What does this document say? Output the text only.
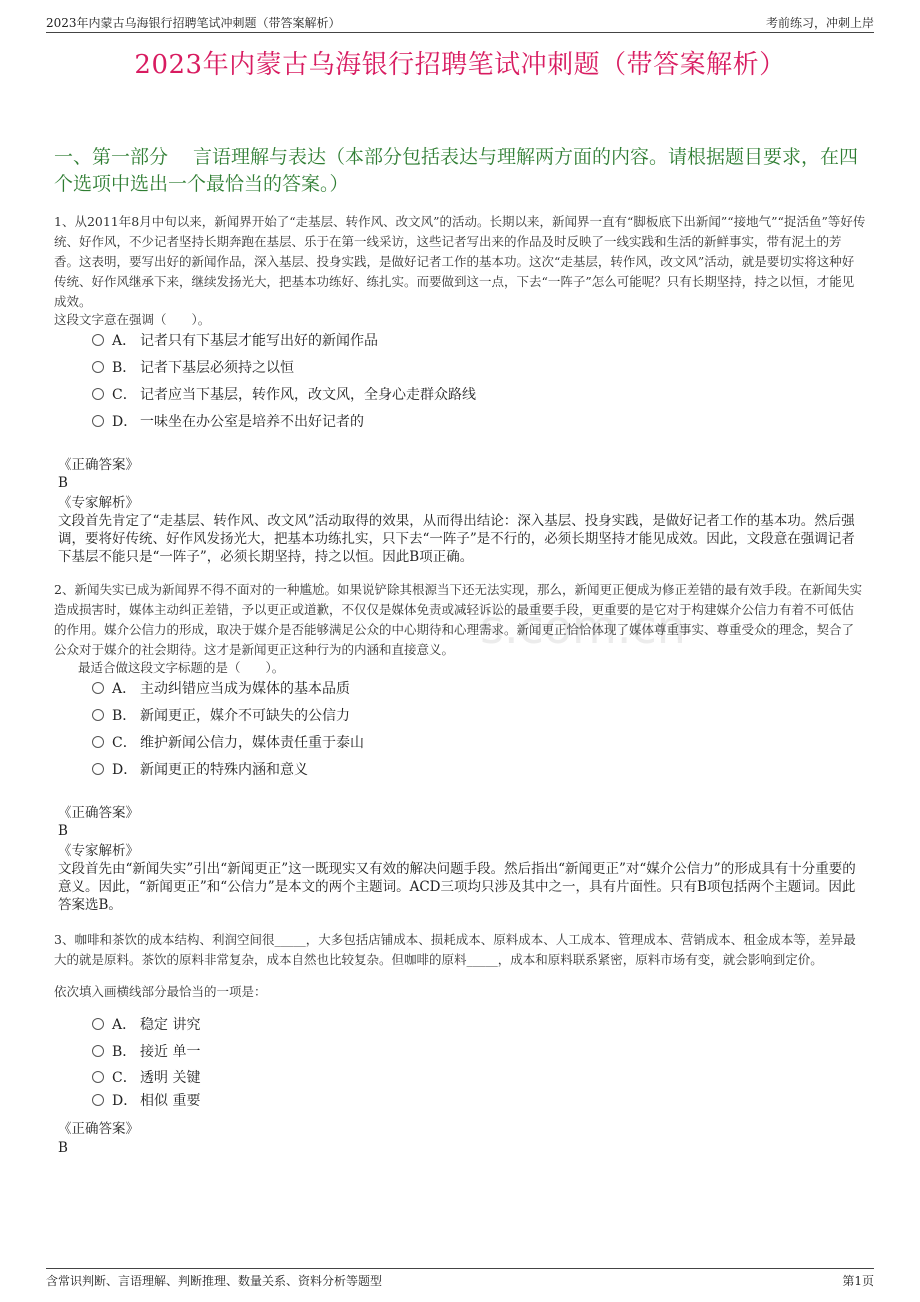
2023年内蒙古乌海银行招聘笔试冲刺题（带答案解析）	考前练习，冲刺上岸
2023年内蒙古乌海银行招聘笔试冲刺题（带答案解析）
一、第一部分　 言语理解与表达（本部分包括表达与理解两方面的内容。请根据题目要求，在四个选项中选出一个最恰当的答案。）
s.com.cn
1、从2011年8月中旬以来，新闻界开始了“走基层、转作风、改文风”的活动。长期以来，新闻界一直有“脚板底下出新闻”“接地气”“捉活鱼”等好传统、好作风，不少记者坚持长期奔跑在基层、乐于在第一线采访，这些记者写出来的作品及时反映了一线实践和生活的新鲜事实，带有泥土的芳香。这表明，要写出好的新闻作品，深入基层、投身实践，是做好记者工作的基本功。这次“走基层，转作风，改文风”活动，就是要切实将这种好传统、好作风继承下来，继续发扬光大，把基本功练好、练扎实。而要做到这一点，下去“一阵子”怎么可能呢？只有长期坚持，持之以恒，才能见成效。
这段文字意在强调（　　）。
A． 记者只有下基层才能写出好的新闻作品
B． 记者下基层必须持之以恒
C． 记者应当下基层，转作风，改文风，全身心走群众路线
D． 一味坐在办公室是培养不出好记者的
《正确答案》
B
《专家解析》
文段首先肯定了“走基层、转作风、改文风”活动取得的效果，从而得出结论：深入基层、投身实践，是做好记者工作的基本功。然后强调，要将好传统、好作风发扬光大，把基本功练扎实，只下去“一阵子”是不行的，必须长期坚持才能见成效。因此，文段意在强调记者下基层不能只是“一阵子”，必须长期坚持，持之以恒。因此B项正确。
2、新闻失实已成为新闻界不得不面对的一种尴尬。如果说铲除其根源当下还无法实现，那么，新闻更正便成为修正差错的最有效手段。在新闻失实造成损害时，媒体主动纠正差错，予以更正或道歉，不仅仅是媒体免责或减轻诉讼的最重要手段，更重要的是它对于构建媒介公信力有着不可低估的作用。媒介公信力的形成，取决于媒介是否能够满足公众的中心期待和心理需求。新闻更正恰恰体现了媒体尊重事实、尊重受众的理念，契合了公众对于媒介的社会期待。这才是新闻更正这种行为的内涵和直接意义。
最适合做这段文字标题的是（　　）。
A． 主动纠错应当成为媒体的基本品质
B． 新闻更正，媒介不可缺失的公信力
C． 维护新闻公信力，媒体责任重于泰山
D． 新闻更正的特殊内涵和意义
《正确答案》
B
《专家解析》
文段首先由“新闻失实”引出“新闻更正”这一既现实又有效的解决问题手段。然后指出“新闻更正”对“媒介公信力”的形成具有十分重要的意义。因此，“新闻更正”和“公信力”是本文的两个主题词。ACD三项均只涉及其中之一，具有片面性。只有B项包括两个主题词。因此答案选B。
3、咖啡和茶饮的成本结构、利润空间很_____，大多包括店铺成本、损耗成本、原料成本、人工成本、管理成本、营销成本、租金成本等，差异最大的就是原料。茶饮的原料非常复杂，成本自然也比较复杂。但咖啡的原料_____，成本和原料联系紧密，原料市场有变，就会影响到定价。
依次填入画横线部分最恰当的一项是：
A． 稳定 讲究
B． 接近 单一
C． 透明 关键
D． 相似 重要
《正确答案》
B
含常识判断、言语理解、判断推理、数量关系、资料分析等题型	第1页
